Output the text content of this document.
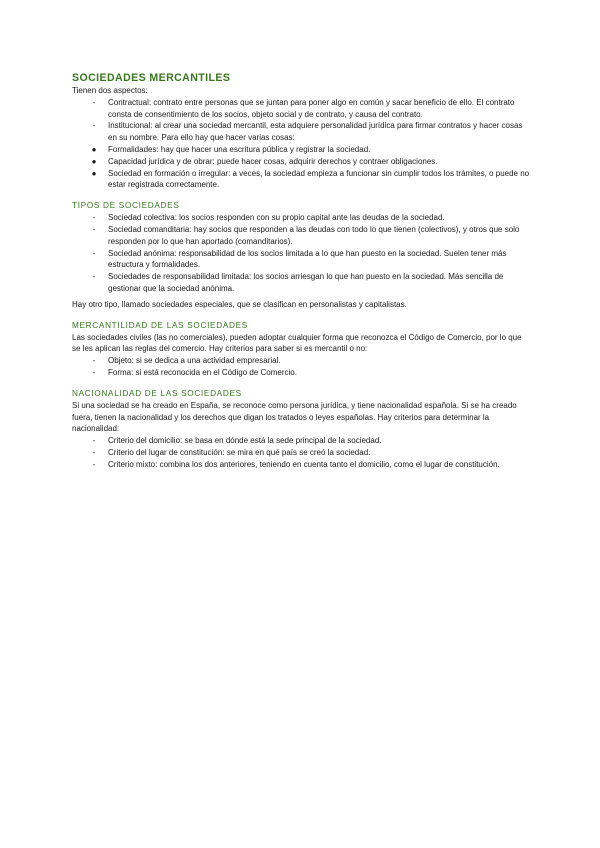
SOCIEDADES MERCANTILES

Tienen dos aspectos:

-	Contractual: contrato entre personas que se juntan para poner algo en común y sacar beneficio de ello. El contrato consta de consentimiento de los socios, objeto social y de contrato, y causa del contrato.
-	Institucional: al crear una sociedad mercantil, esta adquiere personalidad jurídica para firmar contratos y hacer cosas en su nombre. Para ello hay que hacer varias cosas:
●	Formalidades: hay que hacer una escritura pública y registrar la sociedad.
●	Capacidad jurídica y de obrar: puede hacer cosas, adquirir derechos y contraer obligaciones.
●	Sociedad en formación o irregular: a veces, la sociedad empieza a funcionar sin cumplir todos los trámites, o puede no estar registrada correctamente.
TIPOS DE SOCIEDADES
-	Sociedad colectiva: los socios responden con su propio capital ante las deudas de la sociedad.
-	Sociedad comanditaria: hay socios que responden a las deudas con todo lo que tienen (colectivos), y otros que solo responden por lo que han aportado (comanditarios).
-	Sociedad anónima: responsabilidad de los socios limitada a lo que han puesto en la sociedad. Suelen tener más estructura y formalidades.
-	Sociedades de responsabilidad limitada: los socios arriesgan lo que han puesto en la sociedad. Más sencilla de gestionar que la sociedad anónima.

Hay otro tipo, llamado sociedades especiales, que se clasifican en personalistas y capitalistas.

MERCANTILIDAD DE LAS SOCIEDADES

Las sociedades civiles (las no comerciales), pueden adoptar cualquier forma que reconozca el Código de Comercio, por lo que se les aplican las reglas del comercio. Hay criterios para saber si es mercantil o no:

-	Objeto: si se dedica a una actividad empresarial.
-	Forma: si está reconocida en el Código de Comercio.
NACIONALIDAD DE LAS SOCIEDADES

Si una sociedad se ha creado en España, se reconoce como persona jurídica, y tiene nacionalidad española. Si se ha creado fuera, tienen la nacionalidad y los derechos que digan los tratados o leyes españolas. Hay criterios para determinar la nacionalidad:

-	Criterio del domicilio: se basa en dónde está la sede principal de la sociedad.
-	Criterio del lugar de constitución: se mira en qué país se creó la sociedad.
-	Criterio mixto: combina los dos anteriores, teniendo en cuenta tanto el domicilio, como el lugar de constitución.
